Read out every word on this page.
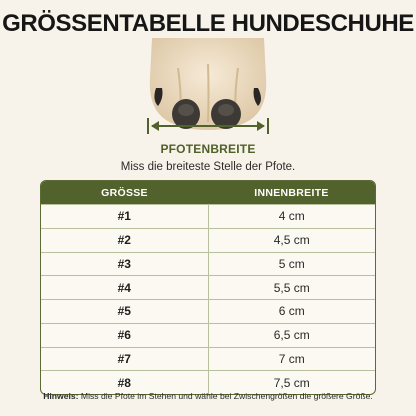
GRÖSSENTABELLE HUNDESCHUHE
PFOTENBREITE
Miss die breiteste Stelle der Pfote.
GRÖSSE	INNENBREITE
#1	4 cm
#2	4,5 cm
#3	5 cm
#4	5,5 cm
#5	6 cm
#6	6,5 cm
#7	7 cm
#8	7,5 cm
Hinweis: Miss die Pfote im Stehen und wähle bei Zwischengrößen die größere Größe.
